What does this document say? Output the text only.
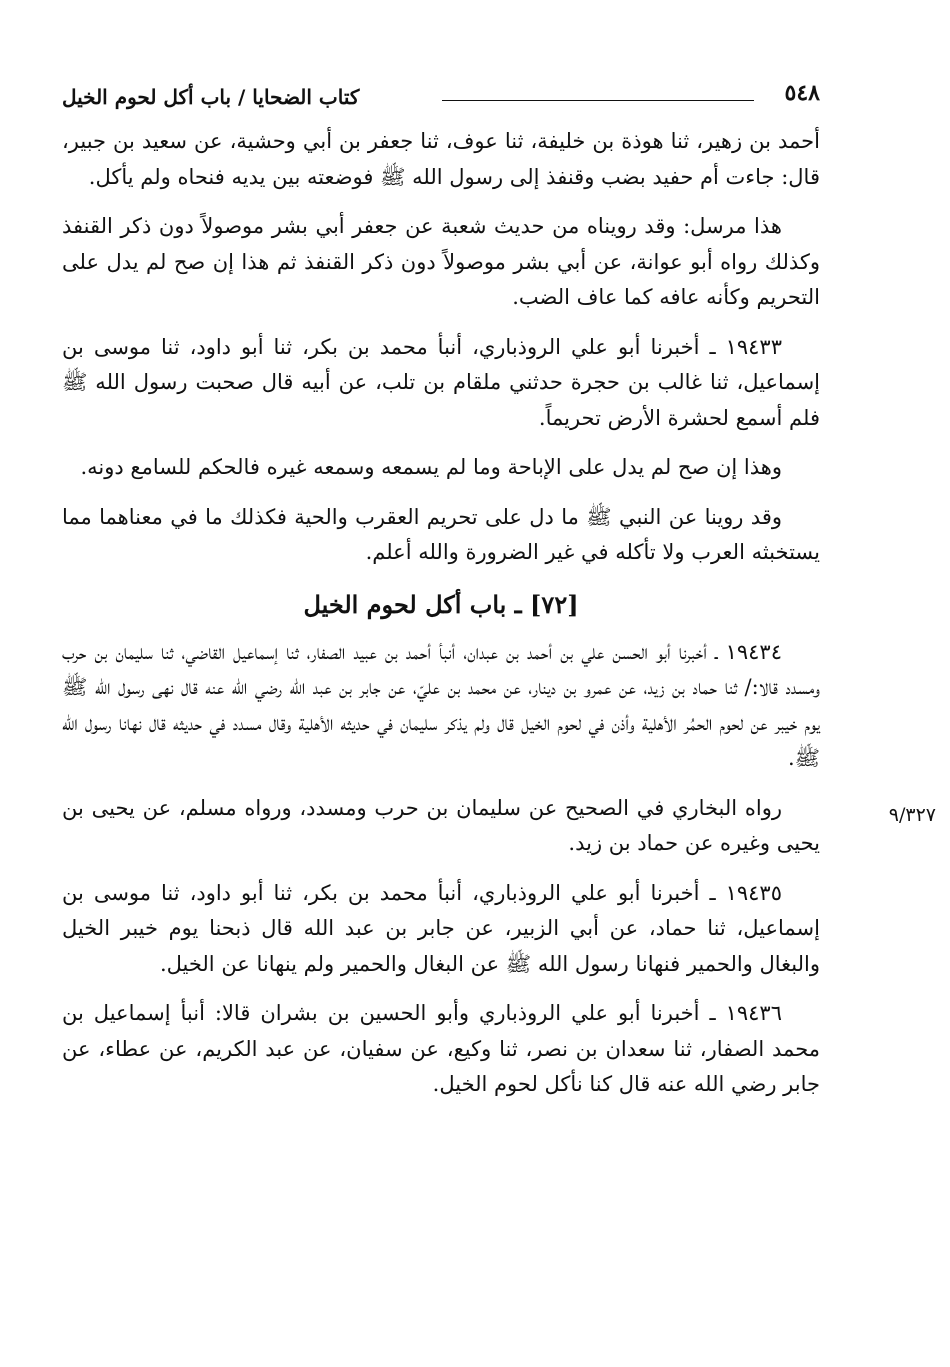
٥٤٨
كتاب الضحايا / باب أكل لحوم الخيل
٩/٣٢٧

أحمد بن زهير، ثنا هوذة بن خليفة، ثنا عوف، ثنا جعفر بن أبي وحشية، عن سعيد بن جبير، قال: جاءت أم حفيد بضب وقنفذ إلى رسول الله ﷺ فوضعته بين يديه فنحاه ولم يأكل.

هذا مرسل: وقد رويناه من حديث شعبة عن جعفر أبي بشر موصولاً دون ذكر القنفذ وكذلك رواه أبو عوانة، عن أبي بشر موصولاً دون ذكر القنفذ ثم هذا إن صح لم يدل على التحريم وكأنه عافه كما عاف الضب.

١٩٤٣٣ ـ أخبرنا أبو علي الروذباري، أنبأ محمد بن بكر، ثنا أبو داود، ثنا موسى بن إسماعيل، ثنا غالب بن حجرة حدثني ملقام بن تلب، عن أبيه قال صحبت رسول الله ﷺ فلم أسمع لحشرة الأرض تحريماً.

وهذا إن صح لم يدل على الإباحة وما لم يسمعه وسمعه غيره فالحكم للسامع دونه.

وقد روينا عن النبي ﷺ ما دل على تحريم العقرب والحية فكذلك ما في معناهما مما يستخبثه العرب ولا تأكله في غير الضرورة والله أعلم.

[٧٢] ـ باب أكل لحوم الخيل

١٩٤٣٤ ـ أخبرنا أبو الحسن علي بن أحمد بن عبدان، أنبأ أحمد بن عبيد الصفار، ثنا إسماعيل القاضي، ثنا سليمان بن حرب ومسدد قالا:/ ثنا حماد بن زيد، عن عمرو بن دينار، عن محمد بن عليّ، عن جابر بن عبد الله رضي الله عنه قال نهى رسول الله ﷺ يوم خيبر عن لحوم الحمُر الأهلية وأذن في لحوم الخيل قال ولم يذكر سليمان في حديثه الأهلية وقال مسدد في حديثه قال نهانا رسول الله ﷺ.

رواه البخاري في الصحيح عن سليمان بن حرب ومسدد، ورواه مسلم، عن يحيى بن يحيى وغيره عن حماد بن زيد.

١٩٤٣٥ ـ أخبرنا أبو علي الروذباري، أنبأ محمد بن بكر، ثنا أبو داود، ثنا موسى بن إسماعيل، ثنا حماد، عن أبي الزبير، عن جابر بن عبد الله قال ذبحنا يوم خيبر الخيل والبغال والحمير فنهانا رسول الله ﷺ عن البغال والحمير ولم ينهانا عن الخيل.

١٩٤٣٦ ـ أخبرنا أبو علي الروذباري وأبو الحسين بن بشران قالا: أنبأ إسماعيل بن محمد الصفار، ثنا سعدان بن نصر، ثنا وكيع، عن سفيان، عن عبد الكريم، عن عطاء، عن جابر رضي الله عنه قال كنا نأكل لحوم الخيل.
